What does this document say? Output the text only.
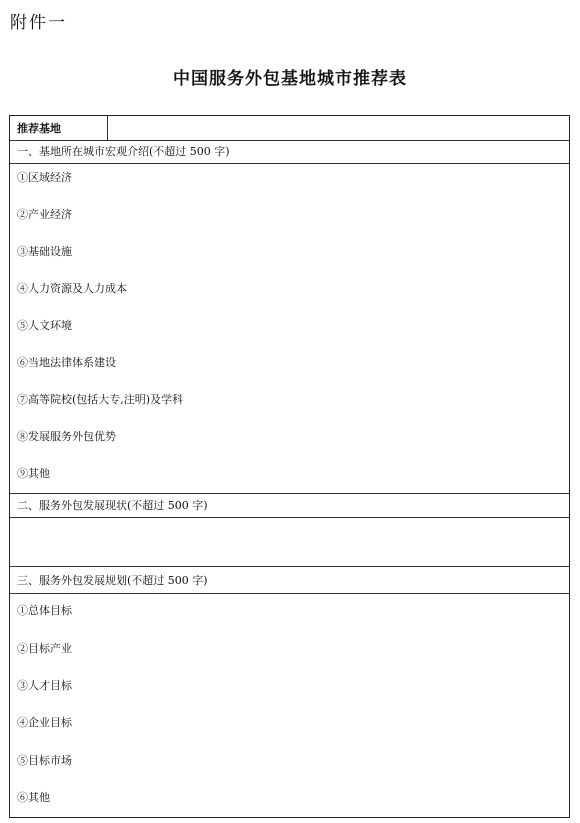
附件一
中国服务外包基地城市推荐表
推荐基地
一、基地所在城市宏观介绍(不超过 500 字)
①区域经济
②产业经济
③基础设施
④人力资源及人力成本
⑤人文环境
⑥当地法律体系建设
⑦高等院校(包括大专,注明)及学科
⑧发展服务外包优势
⑨其他
二、服务外包发展现状(不超过 500 字)
三、服务外包发展规划(不超过 500 字)
①总体目标
②目标产业
③人才目标
④企业目标
⑤目标市场
⑥其他
